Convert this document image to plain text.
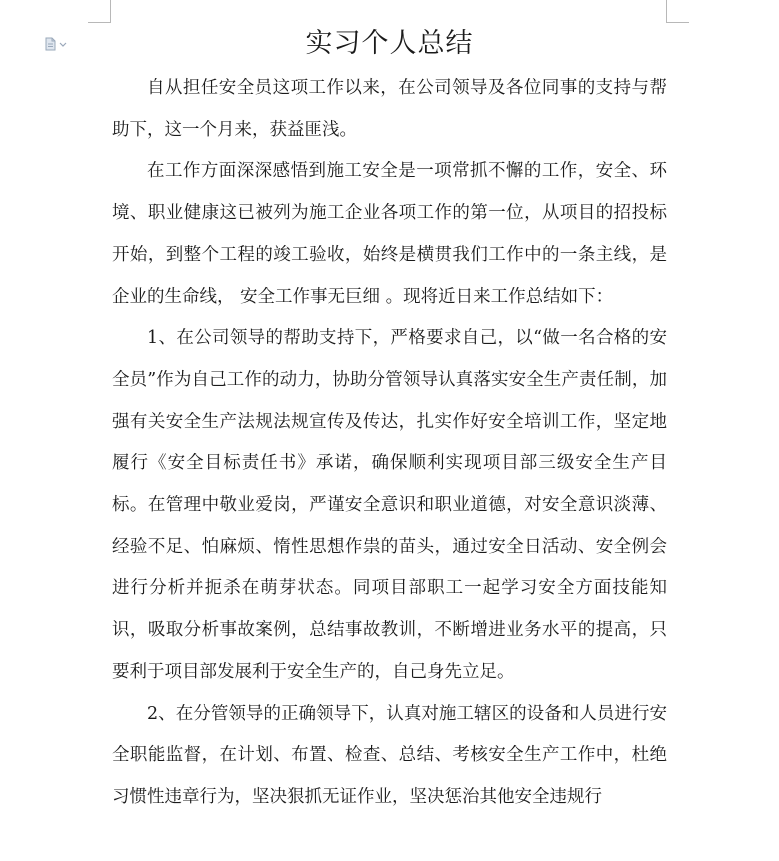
实习个人总结

自从担任安全员这项工作以来，在公司领导及各位同事的支持与帮助下，这一个月来，获益匪浅。

在工作方面深深感悟到施工安全是一项常抓不懈的工作，安全、环境、职业健康这已被列为施工企业各项工作的第一位，从项目的招投标开始，到整个工程的竣工验收，始终是横贯我们工作中的一条主线，是企业的生命线， 安全工作事无巨细 。现将近日来工作总结如下：

1、在公司领导的帮助支持下，严格要求自己，以“做一名合格的安全员”作为自己工作的动力，协助分管领导认真落实安全生产责任制，加强有关安全生产法规法规宣传及传达，扎实作好安全培训工作，坚定地履行《安全目标责任书》承诺，确保顺利实现项目部三级安全生产目标。在管理中敬业爱岗，严谨安全意识和职业道德，对安全意识淡薄、经验不足、怕麻烦、惰性思想作祟的苗头，通过安全日活动、安全例会进行分析并扼杀在萌芽状态。同项目部职工一起学习安全方面技能知识，吸取分析事故案例，总结事故教训，不断增进业务水平的提高，只要利于项目部发展利于安全生产的，自己身先立足。

2、在分管领导的正确领导下，认真对施工辖区的设备和人员进行安全职能监督，在计划、布置、检查、总结、考核安全生产工作中，杜绝习惯性违章行为，坚决狠抓无证作业，坚决惩治其他安全违规行
